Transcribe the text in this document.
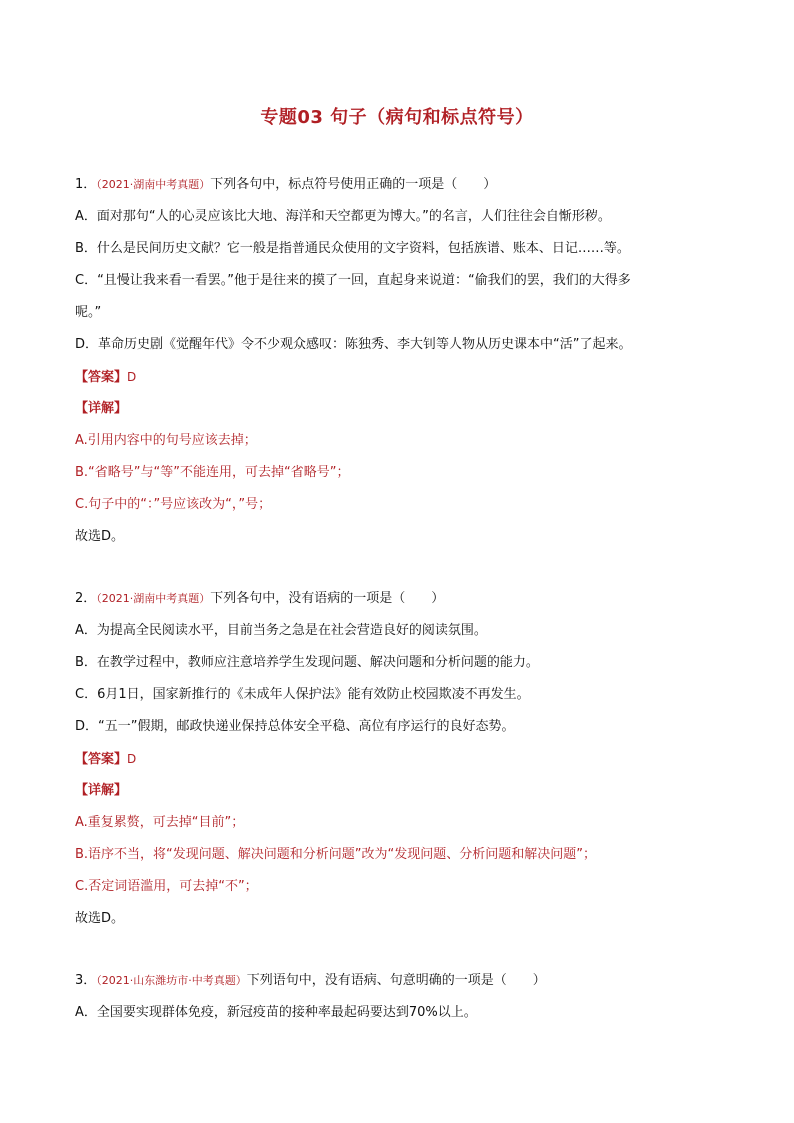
专题03 句子（病句和标点符号）
1．（2021·湖南中考真题）下列各句中，标点符号使用正确的一项是（　　）
A．面对那句“人的心灵应该比大地、海洋和天空都更为博大。”的名言，人们往往会自惭形秽。
B．什么是民间历史文献？它一般是指普通民众使用的文字资料，包括族谱、账本、日记……等。
C．“且慢让我来看一看罢。”他于是往来的摸了一回，直起身来说道：“偷我们的罢，我们的大得多
呢。”
D．革命历史剧《觉醒年代》令不少观众感叹：陈独秀、李大钊等人物从历史课本中“活”了起来。
【答案】D
【详解】
A.引用内容中的句号应该去掉；
B.“省略号”与“等”不能连用，可去掉“省略号”；
C.句子中的“：”号应该改为“，”号；
故选D。
2．（2021·湖南中考真题）下列各句中，没有语病的一项是（　　）
A．为提高全民阅读水平，目前当务之急是在社会营造良好的阅读氛围。
B．在教学过程中，教师应注意培养学生发现问题、解决问题和分析问题的能力。
C．6月1日，国家新推行的《未成年人保护法》能有效防止校园欺凌不再发生。
D．“五一”假期，邮政快递业保持总体安全平稳、高位有序运行的良好态势。
【答案】D
【详解】
A.重复累赘，可去掉“目前”；
B.语序不当，将“发现问题、解决问题和分析问题”改为“发现问题、分析问题和解决问题”；
C.否定词语滥用，可去掉“不”；
故选D。
3．（2021·山东潍坊市·中考真题）下列语句中，没有语病、句意明确的一项是（　　）
A．全国要实现群体免疫，新冠疫苗的接种率最起码要达到70%以上。
